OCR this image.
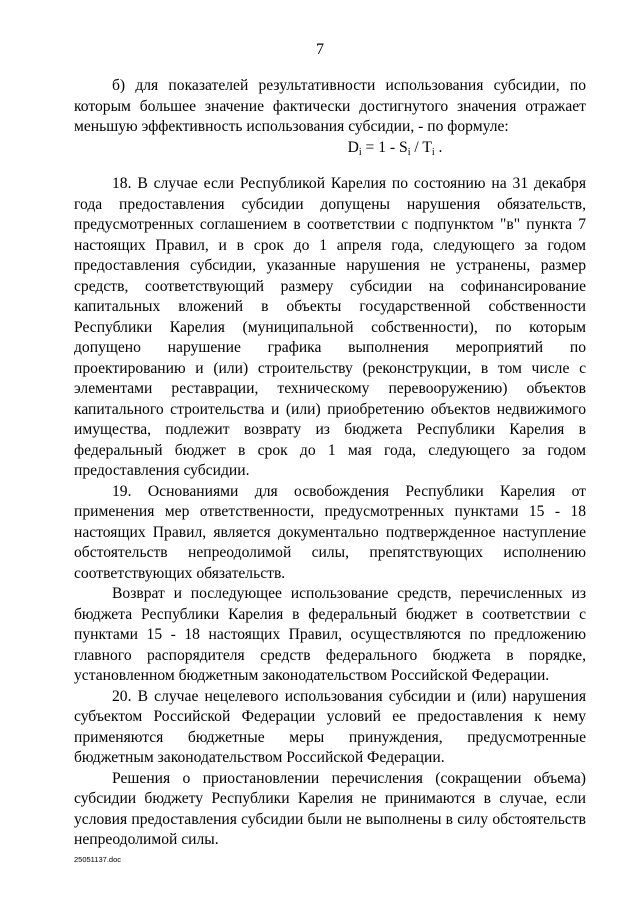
7

б) для показателей результативности использования субсидии, по которым большее значение фактически достигнутого значения отражает меньшую эффективность использования субсидии, - по формуле:

$D_i = 1 - S_i / T_i$ .

18. В случае если Республикой Карелия по состоянию на 31 декабря года предоставления субсидии допущены нарушения обязательств, предусмотренных соглашением в соответствии с подпунктом "в" пункта 7 настоящих Правил, и в срок до 1 апреля года, следующего за годом предоставления субсидии, указанные нарушения не устранены, размер средств, соответствующий размеру субсидии на софинансирование капитальных вложений в объекты государственной собственности Республики Карелия (муниципальной собственности), по которым допущено нарушение графика выполнения мероприятий по проектированию и (или) строительству (реконструкции, в том числе с элементами реставрации, техническому перевооружению) объектов капитального строительства и (или) приобретению объектов недвижимого имущества, подлежит возврату из бюджета Республики Карелия в федеральный бюджет в срок до 1 мая года, следующего за годом предоставления субсидии.

19. Основаниями для освобождения Республики Карелия от применения мер ответственности, предусмотренных пунктами 15 - 18 настоящих Правил, является документально подтвержденное наступление обстоятельств непреодолимой силы, препятствующих исполнению соответствующих обязательств.

Возврат и последующее использование средств, перечисленных из бюджета Республики Карелия в федеральный бюджет в соответствии с пунктами 15 - 18 настоящих Правил, осуществляются по предложению главного распорядителя средств федерального бюджета в порядке, установленном бюджетным законодательством Российской Федерации.

20. В случае нецелевого использования субсидии и (или) нарушения субъектом Российской Федерации условий ее предоставления к нему применяются бюджетные меры принуждения, предусмотренные бюджетным законодательством Российской Федерации.

Решения о приостановлении перечисления (сокращении объема) субсидии бюджету Республики Карелия не принимаются в случае, если условия предоставления субсидии были не выполнены в силу обстоятельств непреодолимой силы.

25051137.doc
